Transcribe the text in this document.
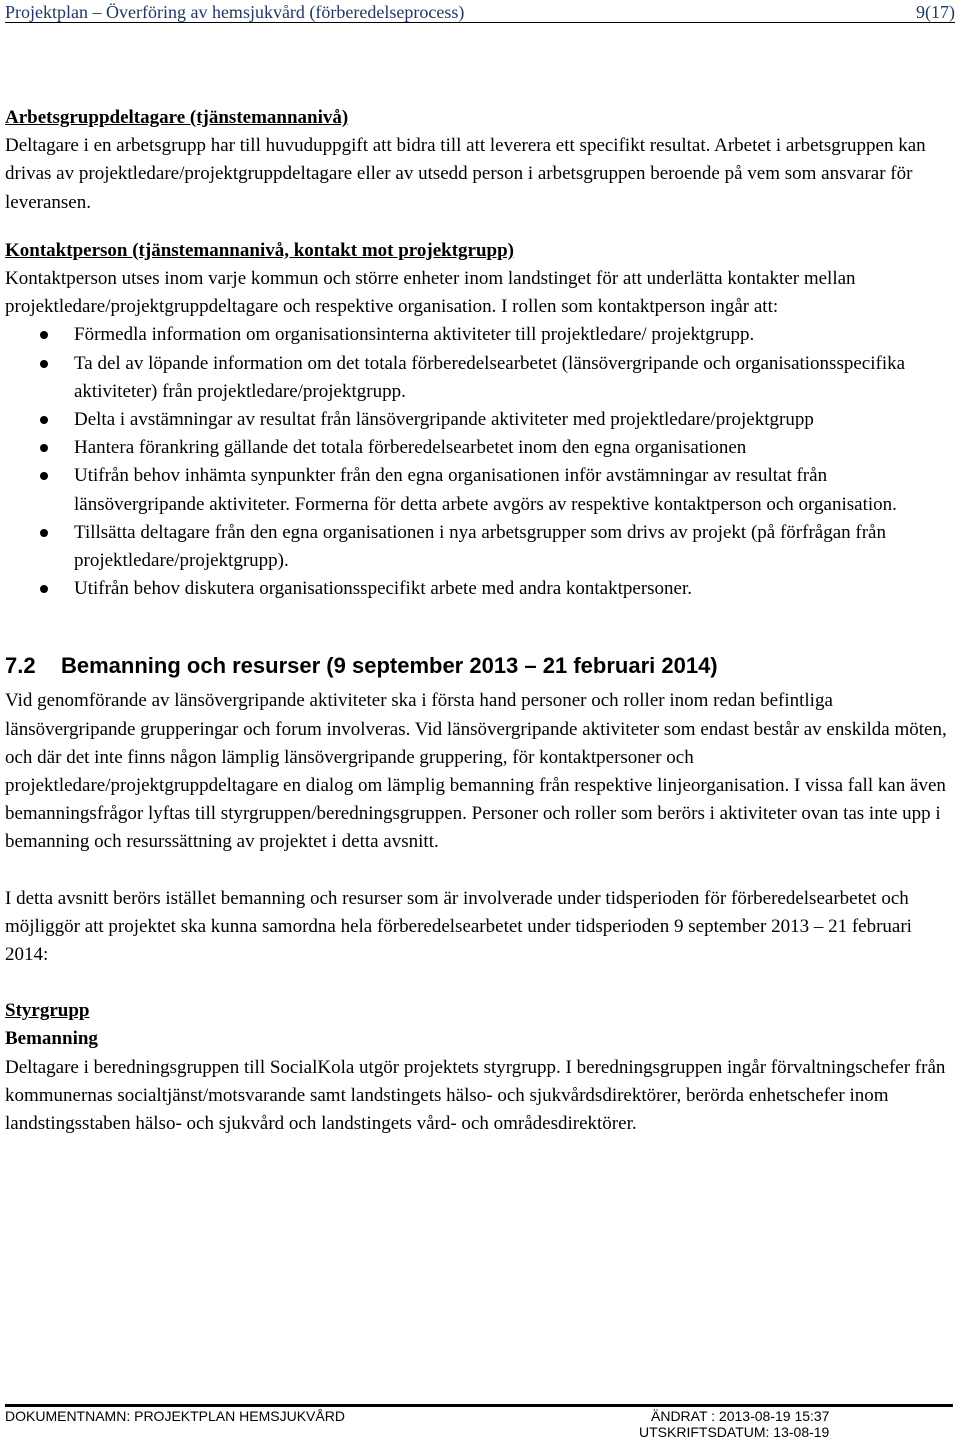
Projektplan – Överföring av hemsjukvård (förberedelseprocess)	9(17)

Arbetsgruppdeltagare (tjänstemannanivå)

Deltagare i en arbetsgrupp har till huvuduppgift att bidra till att leverera ett specifikt resultat. Arbetet i arbetsgruppen kan drivas av projektledare/projektgruppdeltagare eller av utsedd person i arbetsgruppen beroende på vem som ansvarar för leveransen.

Kontaktperson (tjänstemannanivå, kontakt mot projektgrupp)

Kontaktperson utses inom varje kommun och större enheter inom landstinget för att underlätta kontakter mellan projektledare/projektgruppdeltagare och respektive organisation. I rollen som kontaktperson ingår att:

Förmedla information om organisationsinterna aktiviteter till projektledare/ projektgrupp.
Ta del av löpande information om det totala förberedelsearbetet (länsövergripande och organisationsspecifika aktiviteter) från projektledare/projektgrupp.
Delta i avstämningar av resultat från länsövergripande aktiviteter med projektledare/projektgrupp
Hantera förankring gällande det totala förberedelsearbetet inom den egna organisationen
Utifrån behov inhämta synpunkter från den egna organisationen inför avstämningar av resultat från länsövergripande aktiviteter. Formerna för detta arbete avgörs av respektive kontaktperson och organisation.
Tillsätta deltagare från den egna organisationen i nya arbetsgrupper som drivs av projekt (på förfrågan från projektledare/projektgrupp).
Utifrån behov diskutera organisationsspecifikt arbete med andra kontaktpersoner.
7.2 Bemanning och resurser (9 september 2013 – 21 februari 2014)

Vid genomförande av länsövergripande aktiviteter ska i första hand personer och roller inom redan befintliga länsövergripande grupperingar och forum involveras. Vid länsövergripande aktiviteter som endast består av enskilda möten, och där det inte finns någon lämplig länsövergripande gruppering, för kontaktpersoner och projektledare/projektgruppdeltagare en dialog om lämplig bemanning från respektive linjeorganisation. I vissa fall kan även bemanningsfrågor lyftas till styrgruppen/beredningsgruppen. Personer och roller som berörs i aktiviteter ovan tas inte upp i bemanning och resurssättning av projektet i detta avsnitt.

I detta avsnitt berörs istället bemanning och resurser som är involverade under tidsperioden för förberedelsearbetet och möjliggör att projektet ska kunna samordna hela förberedelsearbetet under tidsperioden 9 september 2013 – 21 februari 2014:

Styrgrupp

Bemanning

Deltagare i beredningsgruppen till SocialKola utgör projektets styrgrupp. I beredningsgruppen ingår förvaltningschefer från kommunernas socialtjänst/motsvarande samt landstingets hälso- och sjukvårdsdirektörer, berörda enhetschefer inom landstingsstaben hälso- och sjukvård och landstingets vård- och områdesdirektörer.

DOKUMENTNAMN: PROJEKTPLAN HEMSJUKVÅRD	ÄNDRAT : 2013-08-19 15:37
UTSKRIFTSDATUM: 13-08-19
